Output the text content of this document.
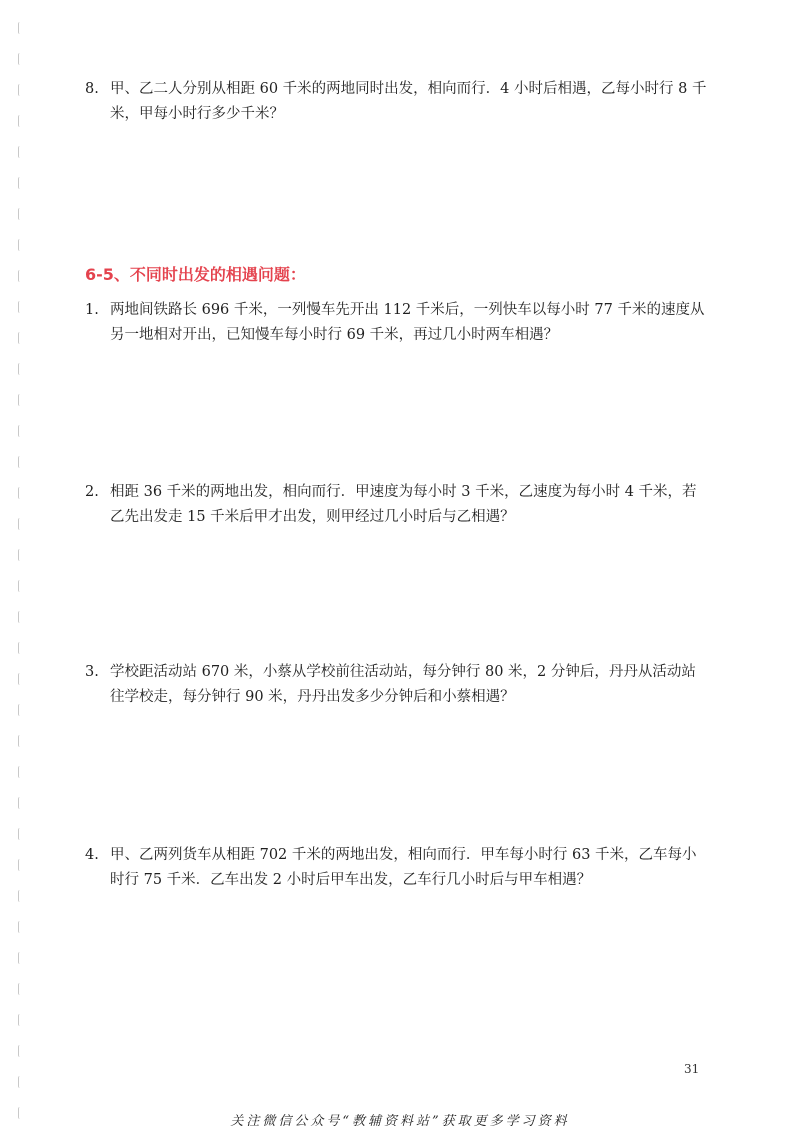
8. 甲、乙二人分别从相距 60 千米的两地同时出发，相向而行．4 小时后相遇，乙每小时行 8 千米，甲每小时行多少千米？
6-5、不同时出发的相遇问题：
1. 两地间铁路长 696 千米，一列慢车先开出 112 千米后，一列快车以每小时 77 千米的速度从另一地相对开出，已知慢车每小时行 69 千米，再过几小时两车相遇？
2. 相距 36 千米的两地出发，相向而行．甲速度为每小时 3 千米，乙速度为每小时 4 千米，若乙先出发走 15 千米后甲才出发，则甲经过几小时后与乙相遇？
3. 学校距活动站 670 米，小蔡从学校前往活动站，每分钟行 80 米，2 分钟后，丹丹从活动站往学校走，每分钟行 90 米，丹丹出发多少分钟后和小蔡相遇？
4. 甲、乙两列货车从相距 702 千米的两地出发，相向而行．甲车每小时行 63 千米，乙车每小时行 75 千米．乙车出发 2 小时后甲车出发，乙车行几小时后与甲车相遇？
31
关注微信公众号“教辅资料站”获取更多学习资料
